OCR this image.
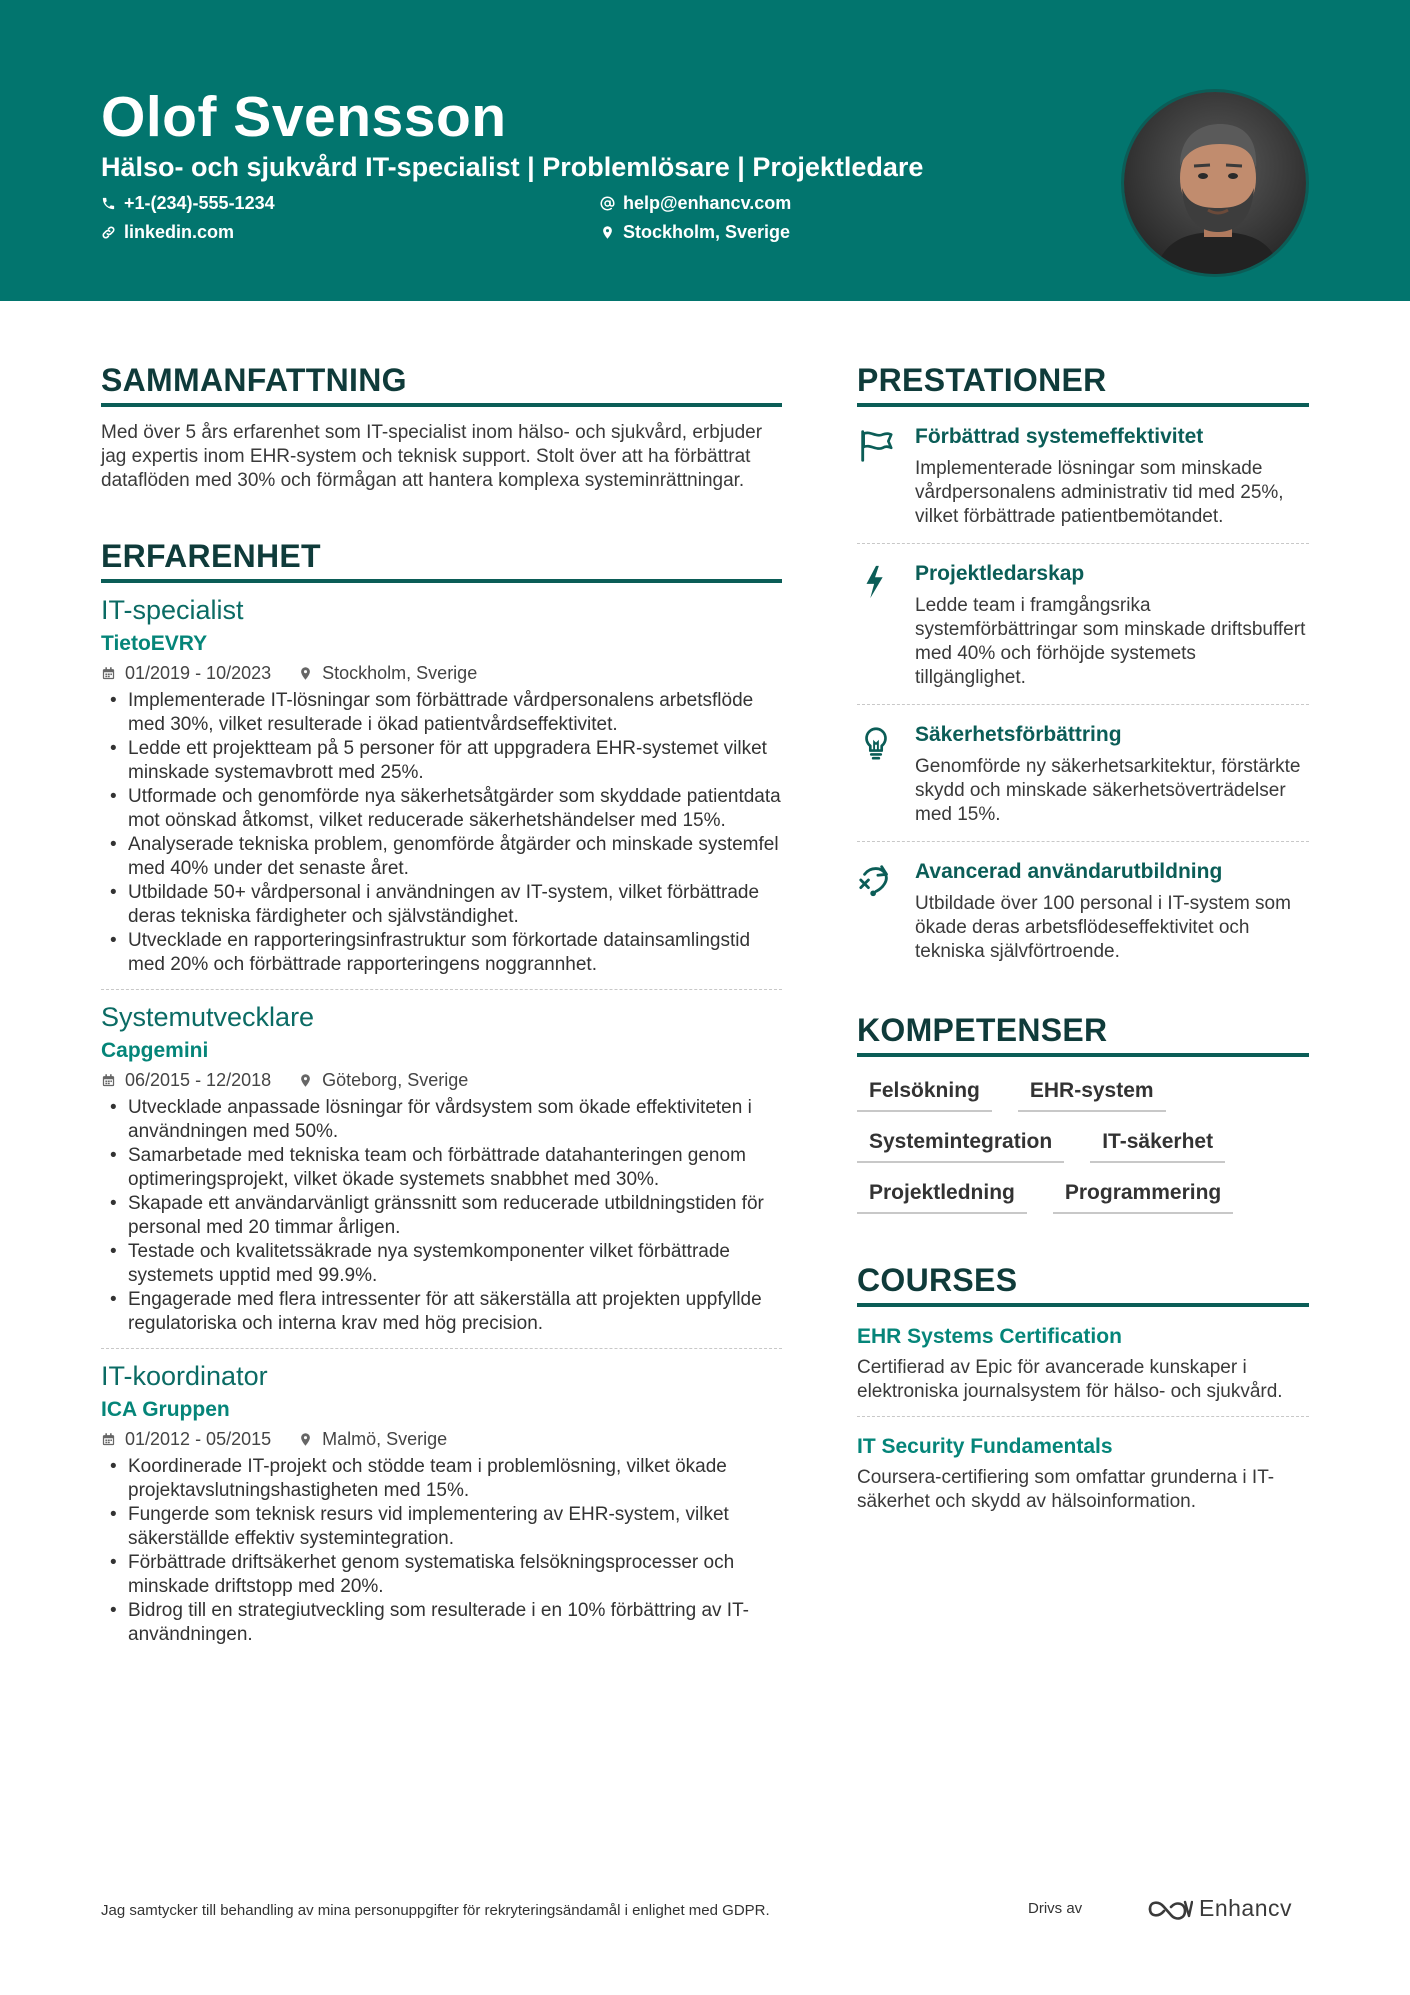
Olof Svensson
Hälso- och sjukvård IT-specialist | Problemlösare | Projektledare
+1-(234)-555-1234
linkedin.com
help@enhancv.com
Stockholm, Sverige
SAMMANFATTNING

Med över 5 års erfarenhet som IT-specialist inom hälso- och sjukvård, erbjuder jag expertis inom EHR-system och teknisk support. Stolt över att ha förbättrat dataflöden med 30% och förmågan att hantera komplexa systeminrättningar.

ERFARENHET
IT-specialist
TietoEVRY
01/2019 - 10/2023	Stockholm, Sverige
• Implementerade IT-lösningar som förbättrade vårdpersonalens arbetsflöde med 30%, vilket resulterade i ökad patientvårdseffektivitet.
• Ledde ett projektteam på 5 personer för att uppgradera EHR-systemet vilket minskade systemavbrott med 25%.
• Utformade och genomförde nya säkerhetsåtgärder som skyddade patientdata mot oönskad åtkomst, vilket reducerade säkerhetshändelser med 15%.
• Analyserade tekniska problem, genomförde åtgärder och minskade systemfel med 40% under det senaste året.
• Utbildade 50+ vårdpersonal i användningen av IT-system, vilket förbättrade deras tekniska färdigheter och självständighet.
• Utvecklade en rapporteringsinfrastruktur som förkortade datainsamlingstid med 20% och förbättrade rapporteringens noggrannhet.
Systemutvecklare
Capgemini
06/2015 - 12/2018	Göteborg, Sverige
• Utvecklade anpassade lösningar för vårdsystem som ökade effektiviteten i användningen med 50%.
• Samarbetade med tekniska team och förbättrade datahanteringen genom optimeringsprojekt, vilket ökade systemets snabbhet med 30%.
• Skapade ett användarvänligt gränssnitt som reducerade utbildningstiden för personal med 20 timmar årligen.
• Testade och kvalitetssäkrade nya systemkomponenter vilket förbättrade systemets upptid med 99.9%.
• Engagerade med flera intressenter för att säkerställa att projekten uppfyllde regulatoriska och interna krav med hög precision.
IT-koordinator
ICA Gruppen
01/2012 - 05/2015	Malmö, Sverige
• Koordinerade IT-projekt och stödde team i problemlösning, vilket ökade projektavslutningshastigheten med 15%.
• Fungerde som teknisk resurs vid implementering av EHR-system, vilket säkerställde effektiv systemintegration.
• Förbättrade driftsäkerhet genom systematiska felsökningsprocesser och minskade driftstopp med 20%.
• Bidrog till en strategiutveckling som resulterade i en 10% förbättring av IT-användningen.
PRESTATIONER
Förbättrad systemeffektivitet
Implementerade lösningar som minskade vårdpersonalens administrativ tid med 25%, vilket förbättrade patientbemötandet.
Projektledarskap
Ledde team i framgångsrika systemförbättringar som minskade driftsbuffert med 40% och förhöjde systemets tillgänglighet.
Säkerhetsförbättring
Genomförde ny säkerhetsarkitektur, förstärkte skydd och minskade säkerhetsöverträdelser med 15%.
Avancerad användarutbildning
Utbildade över 100 personal i IT-system som ökade deras arbetsflödeseffektivitet och tekniska självförtroende.
KOMPETENSER
Felsökning	EHR-system
Systemintegration	IT-säkerhet
Projektledning	Programmering
COURSES
EHR Systems Certification
Certifierad av Epic för avancerade kunskaper i elektroniska journalsystem för hälso- och sjukvård.
IT Security Fundamentals
Coursera-certifiering som omfattar grunderna i IT-säkerhet och skydd av hälsoinformation.
Jag samtycker till behandling av mina personuppgifter för rekryteringsändamål i enlighet med GDPR.	Drivs av	Enhancv
